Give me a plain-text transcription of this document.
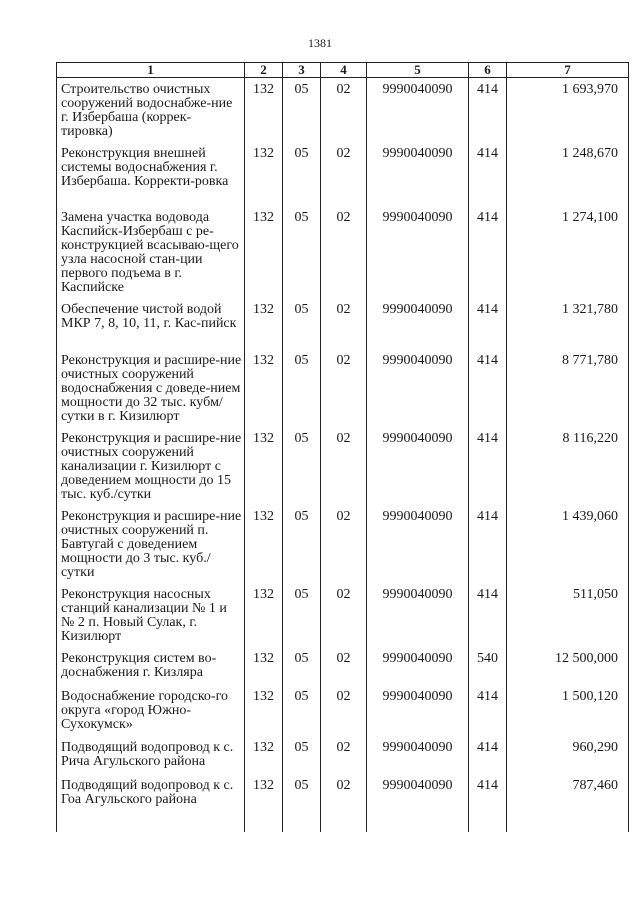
1381
1	2	3	4	5	6	7
Строительство очистных сооружений водоснабже-ние г. Избербаша (коррек-тировка)	132	05	02	9990040090	414	1 693,970
Реконструкция внешней системы водоснабжения г. Избербаша. Корректи-ровка	132	05	02	9990040090	414	1 248,670
Замена участка водовода Каспийск-Избербаш с ре-конструкцией всасываю-щего узла насосной стан-ции первого подъема в г. Каспийске	132	05	02	9990040090	414	1 274,100
Обеспечение чистой водой МКР 7, 8, 10, 11, г. Кас-пийск	132	05	02	9990040090	414	1 321,780
Реконструкция и расшире-ние очистных сооружений водоснабжения с доведе-нием мощности до 32 тыс. кубм/сутки в г. Кизилюрт	132	05	02	9990040090	414	8 771,780
Реконструкция и расшире-ние очистных сооружений канализации г. Кизилюрт с доведением мощности до 15 тыс. куб./сутки	132	05	02	9990040090	414	8 116,220
Реконструкция и расшире-ние очистных сооружений п. Бавтугай с доведением мощности до 3 тыс. куб./сутки	132	05	02	9990040090	414	1 439,060
Реконструкция насосных станций канализации № 1 и № 2 п. Новый Сулак, г. Кизилюрт	132	05	02	9990040090	414	511,050
Реконструкция систем во-доснабжения г. Кизляра	132	05	02	9990040090	540	12 500,000
Водоснабжение городско-го округа «город Южно-Сухокумск»	132	05	02	9990040090	414	1 500,120
Подводящий водопровод к с. Рича Агульского района	132	05	02	9990040090	414	960,290
Подводящий водопровод к с. Гоа Агульского района	132	05	02	9990040090	414	787,460
